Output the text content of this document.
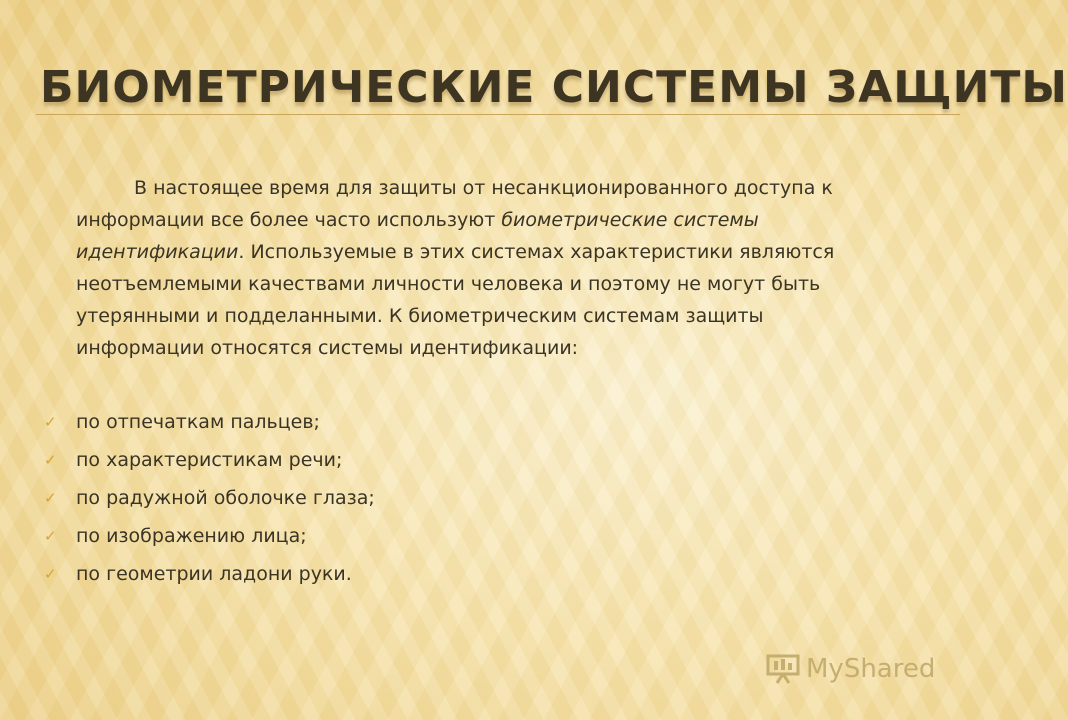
БИОМЕТРИЧЕСКИЕ СИСТЕМЫ ЗАЩИТЫ
В настоящее время для защиты от несанкционированного доступа к информации все более часто используют биометрические системы идентификации. Используемые в этих системах характеристики являются неотъемлемыми качествами личности человека и поэтому не могут быть утерянными и подделанными. К биометрическим системам защиты информации относятся системы идентификации:
✓	по отпечаткам пальцев;
✓	по характеристикам речи;
✓	по радужной оболочке глаза;
✓	по изображению лица;
✓	по геометрии ладони руки.
MyShared
